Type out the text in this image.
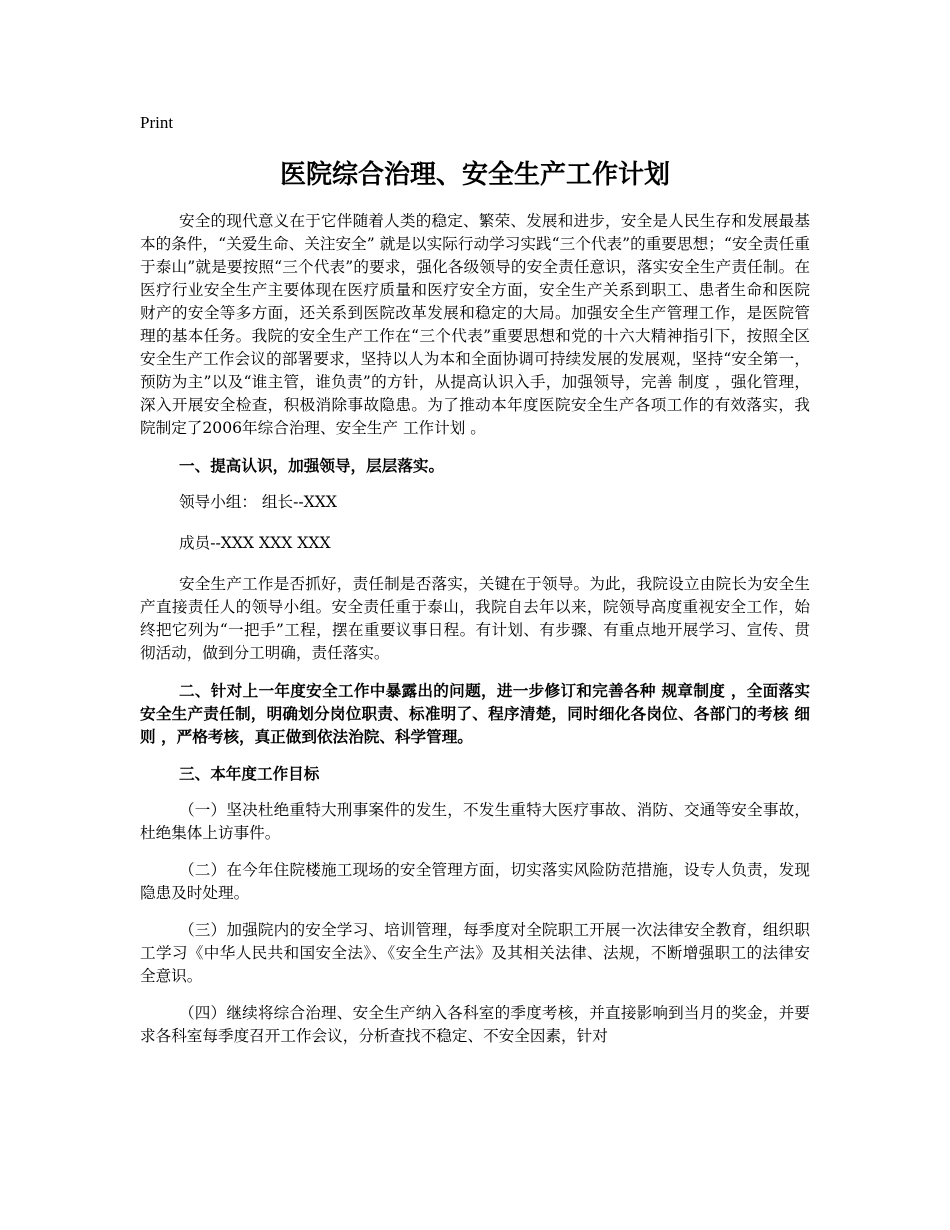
Print
医院综合治理、安全生产工作计划

安全的现代意义在于它伴随着人类的稳定、繁荣、发展和进步，安全是人民生存和发展最基本的条件，“关爱生命、关注安全” 就是以实际行动学习实践“三个代表”的重要思想；“安全责任重于泰山”就是要按照“三个代表”的要求，强化各级领导的安全责任意识，落实安全生产责任制。在医疗行业安全生产主要体现在医疗质量和医疗安全方面，安全生产关系到职工、患者生命和医院财产的安全等多方面，还关系到医院改革发展和稳定的大局。加强安全生产管理工作，是医院管理的基本任务。我院的安全生产工作在“三个代表”重要思想和党的十六大精神指引下，按照全区安全生产工作会议的部署要求，坚持以人为本和全面协调可持续发展的发展观，坚持“安全第一，预防为主”以及“谁主管，谁负责”的方针，从提高认识入手，加强领导，完善 制度 ，强化管理，深入开展安全检查，积极消除事故隐患。为了推动本年度医院安全生产各项工作的有效落实，我院制定了2006年综合治理、安全生产 工作计划 。

一、提高认识，加强领导，层层落实。

领导小组： 组长--XXX

成员--XXX XXX XXX

安全生产工作是否抓好，责任制是否落实，关键在于领导。为此，我院设立由院长为安全生产直接责任人的领导小组。安全责任重于泰山，我院自去年以来，院领导高度重视安全工作，始终把它列为“一把手”工程，摆在重要议事日程。有计划、有步骤、有重点地开展学习、宣传、贯彻活动，做到分工明确，责任落实。

二、针对上一年度安全工作中暴露出的问题，进一步修订和完善各种 规章制度 ，全面落实安全生产责任制，明确划分岗位职责、标准明了、程序清楚，同时细化各岗位、各部门的考核 细则 ，严格考核，真正做到依法治院、科学管理。

三、本年度工作目标

（一）坚决杜绝重特大刑事案件的发生，不发生重特大医疗事故、消防、交通等安全事故，杜绝集体上访事件。

（二）在今年住院楼施工现场的安全管理方面，切实落实风险防范措施，设专人负责，发现隐患及时处理。

（三）加强院内的安全学习、培训管理，每季度对全院职工开展一次法律安全教育，组织职工学习《中华人民共和国安全法》、《安全生产法》及其相关法律、法规，不断增强职工的法律安全意识。

（四）继续将综合治理、安全生产纳入各科室的季度考核，并直接影响到当月的奖金，并要求各科室每季度召开工作会议，分析查找不稳定、不安全因素，针对
